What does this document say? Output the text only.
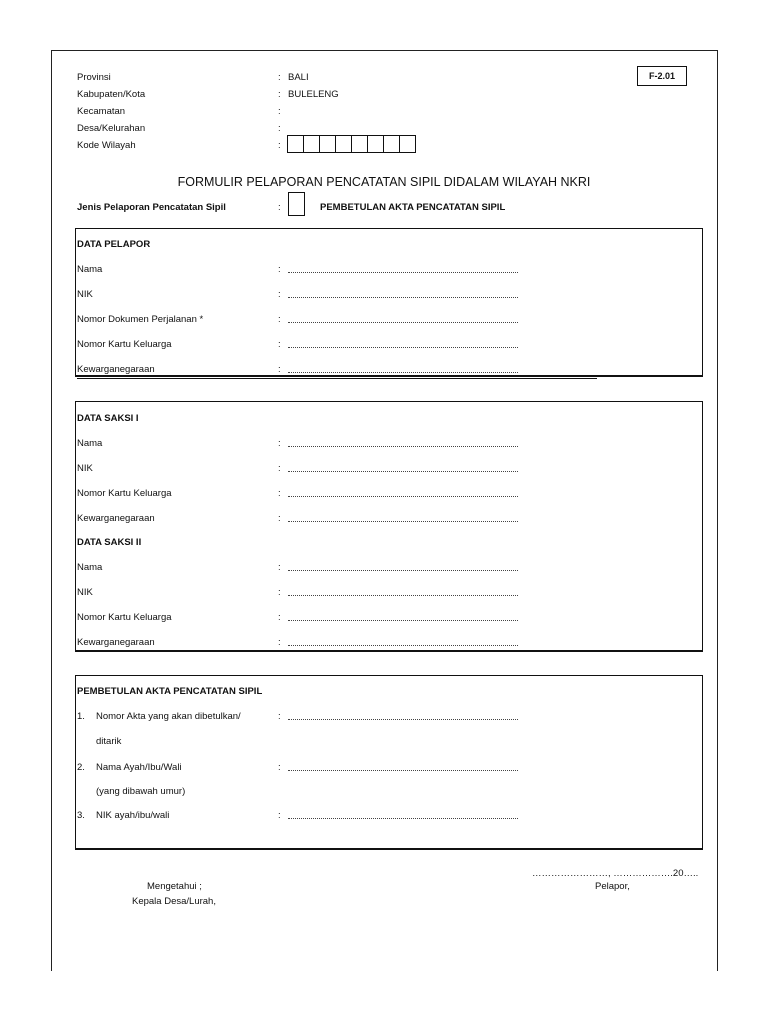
Provinsi	: BALI
Kabupaten/Kota	: BULELENG
Kecamatan	:
Desa/Kelurahan	:
Kode Wilayah	:
F-2.01
FORMULIR PELAPORAN PENCATATAN SIPIL DIDALAM WILAYAH NKRI
Jenis Pelaporan Pencatatan Sipil	:	PEMBETULAN AKTA PENCATATAN SIPIL
DATA PELAPOR
Nama	:
NIK	:
Nomor Dokumen Perjalanan *	:
Nomor Kartu Keluarga	:
Kewarganegaraan	:
DATA SAKSI I
Nama	:
NIK	:
Nomor Kartu Keluarga	:
Kewarganegaraan	:
DATA SAKSI II
Nama	:
NIK	:
Nomor Kartu Keluarga	:
Kewarganegaraan	:
PEMBETULAN AKTA PENCATATAN SIPIL
1. Nomor Akta yang akan dibetulkan/	:
ditarik
2. Nama Ayah/Ibu/Wali	:
(yang dibawah umur)
3. NIK ayah/ibu/wali	:
……………………, ……………….20…..
Mengetahui ;
Kepala Desa/Lurah,
Pelapor,
